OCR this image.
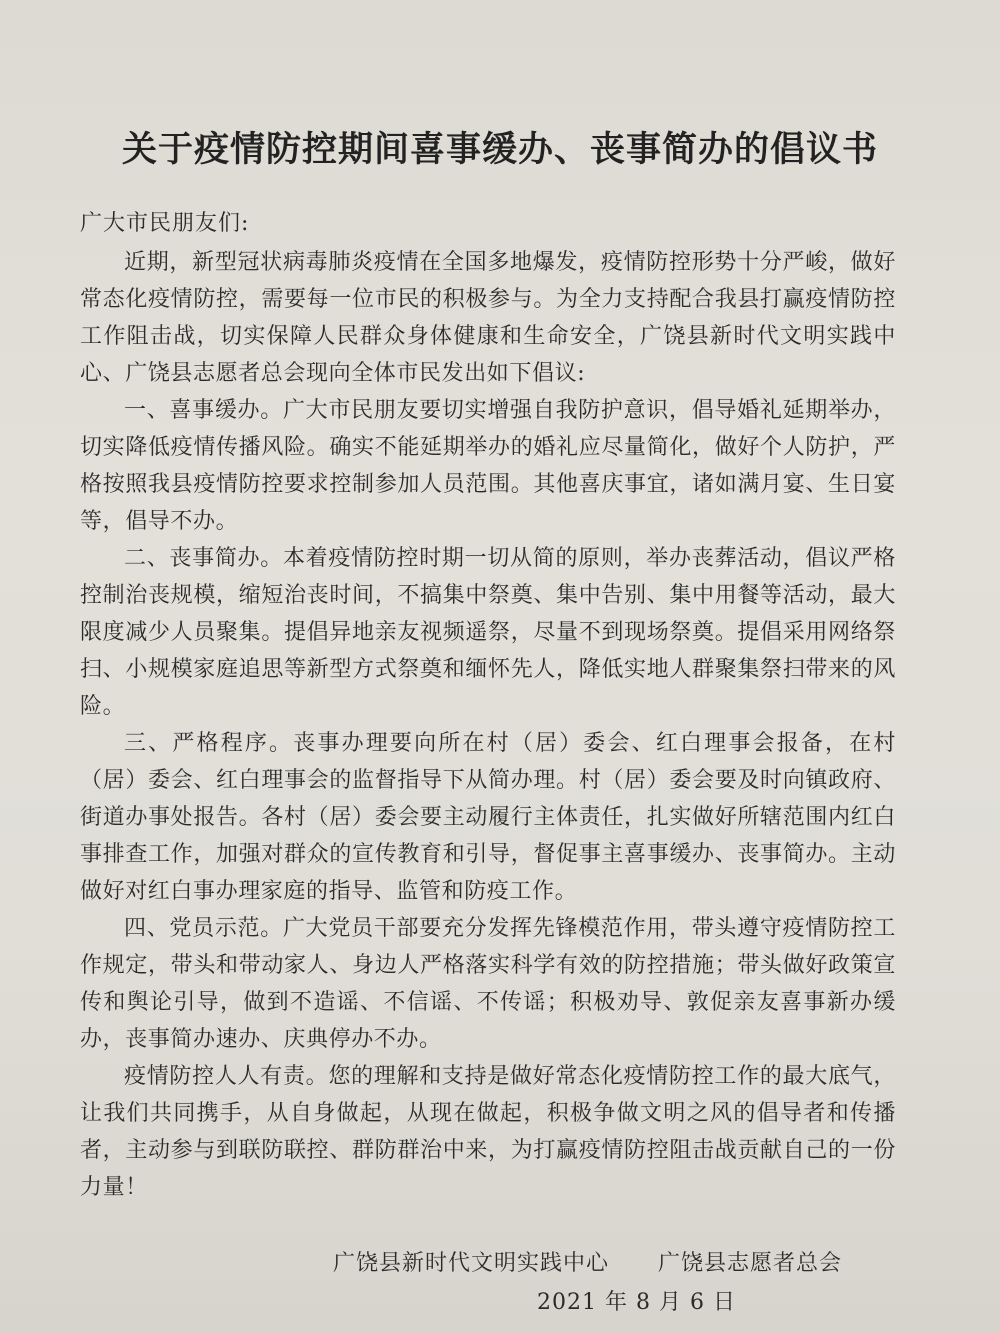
关于疫情防控期间喜事缓办、丧事简办的倡议书
广大市民朋友们:

近期，新型冠状病毒肺炎疫情在全国多地爆发，疫情防控形势十分严峻，做好常态化疫情防控，需要每一位市民的积极参与。为全力支持配合我县打赢疫情防控工作阻击战，切实保障人民群众身体健康和生命安全，广饶县新时代文明实践中心、广饶县志愿者总会现向全体市民发出如下倡议:

一、喜事缓办。广大市民朋友要切实增强自我防护意识，倡导婚礼延期举办，切实降低疫情传播风险。确实不能延期举办的婚礼应尽量简化，做好个人防护，严格按照我县疫情防控要求控制参加人员范围。其他喜庆事宜，诸如满月宴、生日宴等，倡导不办。

二、丧事简办。本着疫情防控时期一切从简的原则，举办丧葬活动，倡议严格控制治丧规模，缩短治丧时间，不搞集中祭奠、集中告别、集中用餐等活动，最大限度减少人员聚集。提倡异地亲友视频遥祭，尽量不到现场祭奠。提倡采用网络祭扫、小规模家庭追思等新型方式祭奠和缅怀先人，降低实地人群聚集祭扫带来的风险。

三、严格程序。丧事办理要向所在村（居）委会、红白理事会报备，在村（居）委会、红白理事会的监督指导下从简办理。村（居）委会要及时向镇政府、街道办事处报告。各村（居）委会要主动履行主体责任，扎实做好所辖范围内红白事排查工作，加强对群众的宣传教育和引导，督促事主喜事缓办、丧事简办。主动做好对红白事办理家庭的指导、监管和防疫工作。

四、党员示范。广大党员干部要充分发挥先锋模范作用，带头遵守疫情防控工作规定，带头和带动家人、身边人严格落实科学有效的防控措施；带头做好政策宣传和舆论引导，做到不造谣、不信谣、不传谣；积极劝导、敦促亲友喜事新办缓办，丧事简办速办、庆典停办不办。

疫情防控人人有责。您的理解和支持是做好常态化疫情防控工作的最大底气，让我们共同携手，从自身做起，从现在做起，积极争做文明之风的倡导者和传播者，主动参与到联防联控、群防群治中来，为打赢疫情防控阻击战贡献自己的一份力量！

广饶县新时代文明实践中心 广饶县志愿者总会
2021 年 8 月 6 日
